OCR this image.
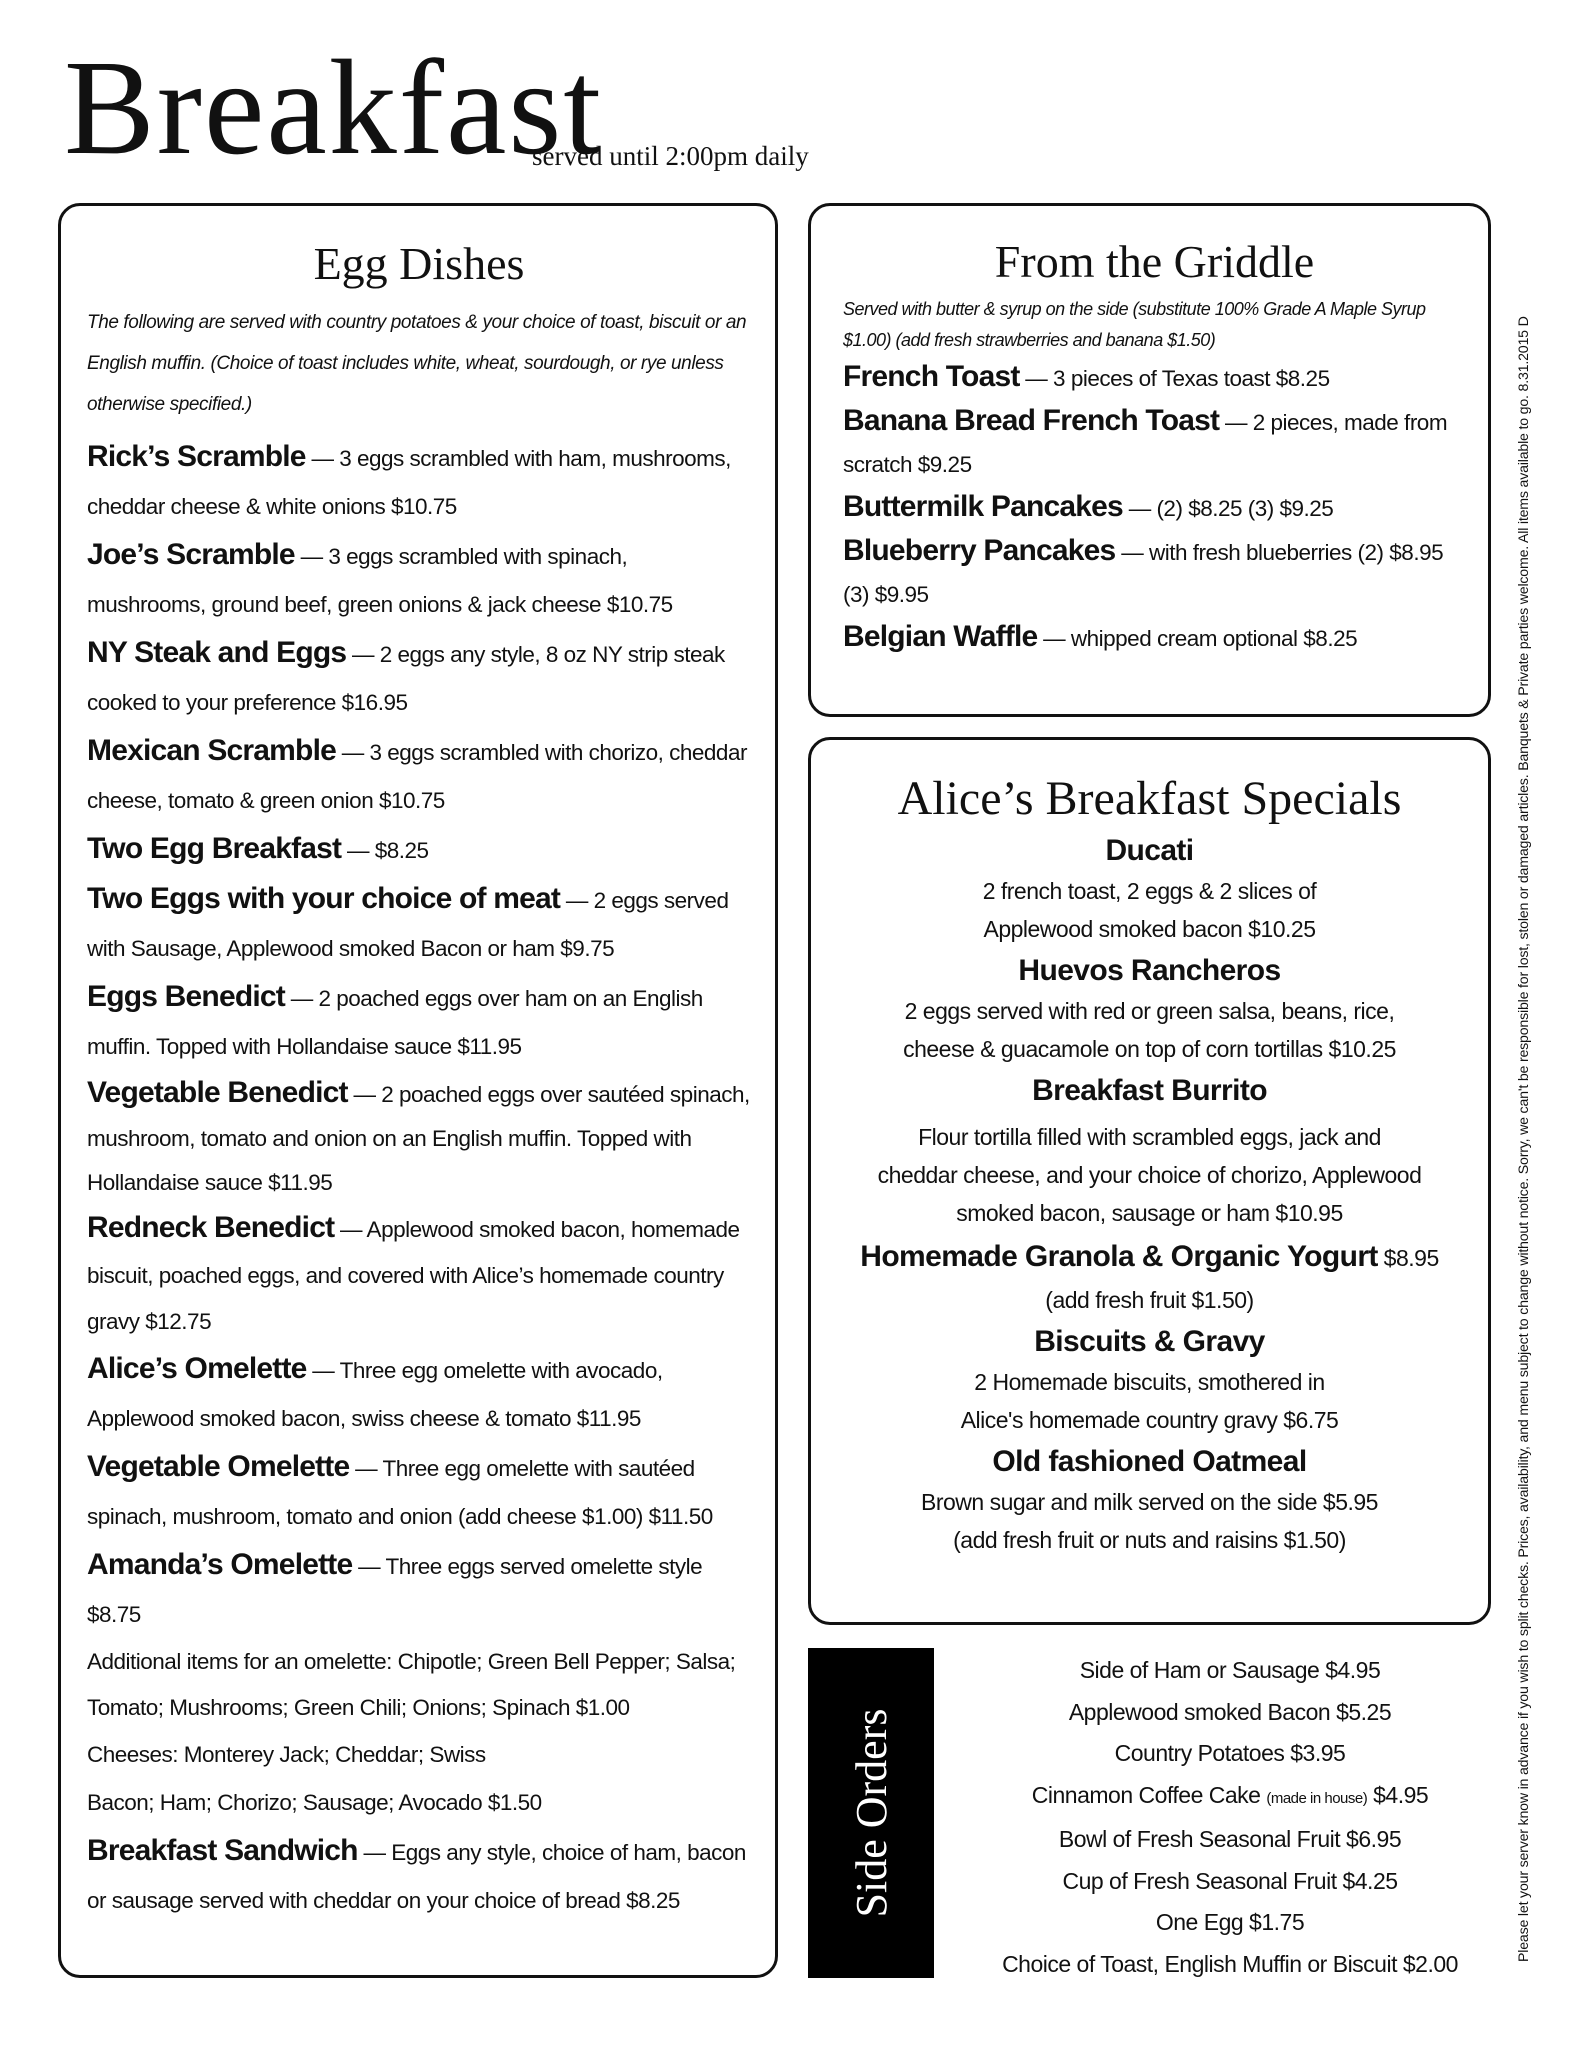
Breakfast
served until 2:00pm daily
Please let your server know in advance if you wish to split checks. Prices, availability, and menu subject to change without notice. Sorry, we can't be responsible for lost, stolen or damaged articles. Banquets & Private parties welcome. All items available to go. 8.31.2015 D
Egg Dishes
The following are served with country potatoes & your choice of toast, biscuit or an English muffin. (Choice of toast includes white, wheat, sourdough, or rye unless otherwise specified.)
Rick’s Scramble — 3 eggs scrambled with ham, mushrooms, cheddar cheese & white onions $10.75
Joe’s Scramble — 3 eggs scrambled with spinach, mushrooms, ground beef, green onions & jack cheese $10.75
NY Steak and Eggs — 2 eggs any style, 8 oz NY strip steak cooked to your preference $16.95
Mexican Scramble — 3 eggs scrambled with chorizo, cheddar cheese, tomato & green onion $10.75
Two Egg Breakfast — $8.25
Two Eggs with your choice of meat — 2 eggs served with Sausage, Applewood smoked Bacon or ham $9.75
Eggs Benedict — 2 poached eggs over ham on an English muffin. Topped with Hollandaise sauce $11.95
Vegetable Benedict — 2 poached eggs over sautéed spinach, mushroom, tomato and onion on an English muffin. Topped with Hollandaise sauce $11.95
Redneck Benedict — Applewood smoked bacon, homemade biscuit, poached eggs, and covered with Alice’s homemade country gravy $12.75
Alice’s Omelette — Three egg omelette with avocado, Applewood smoked bacon, swiss cheese & tomato $11.95
Vegetable Omelette — Three egg omelette with sautéed spinach, mushroom, tomato and onion (add cheese $1.00) $11.50
Amanda’s Omelette — Three eggs served omelette style $8.75
Additional items for an omelette: Chipotle; Green Bell Pepper; Salsa; Tomato; Mushrooms; Green Chili; Onions; Spinach $1.00
Cheeses: Monterey Jack; Cheddar; Swiss
Bacon; Ham; Chorizo; Sausage; Avocado $1.50
Breakfast Sandwich — Eggs any style, choice of ham, bacon or sausage served with cheddar on your choice of bread $8.25
From the Griddle
Served with butter & syrup on the side (substitute 100% Grade A Maple Syrup $1.00) (add fresh strawberries and banana $1.50)
French Toast — 3 pieces of Texas toast $8.25
Banana Bread French Toast — 2 pieces, made from scratch $9.25
Buttermilk Pancakes — (2) $8.25 (3) $9.25
Blueberry Pancakes — with fresh blueberries (2) $8.95 (3) $9.95
Belgian Waffle — whipped cream optional $8.25
Alice’s Breakfast Specials
Ducati
2 french toast, 2 eggs & 2 slices of
Applewood smoked bacon $10.25
Huevos Rancheros
2 eggs served with red or green salsa, beans, rice,
cheese & guacamole on top of corn tortillas $10.25
Breakfast Burrito
Flour tortilla filled with scrambled eggs, jack and
cheddar cheese, and your choice of chorizo, Applewood
smoked bacon, sausage or ham $10.95
Homemade Granola & Organic Yogurt $8.95
(add fresh fruit $1.50)
Biscuits & Gravy
2 Homemade biscuits, smothered in
Alice's homemade country gravy $6.75
Old fashioned Oatmeal
Brown sugar and milk served on the side $5.95
(add fresh fruit or nuts and raisins $1.50)
Side Orders
Side of Ham or Sausage $4.95
Applewood smoked Bacon $5.25
Country Potatoes $3.95
Cinnamon Coffee Cake (made in house) $4.95
Bowl of Fresh Seasonal Fruit $6.95
Cup of Fresh Seasonal Fruit $4.25
One Egg $1.75
Choice of Toast, English Muffin or Biscuit $2.00
